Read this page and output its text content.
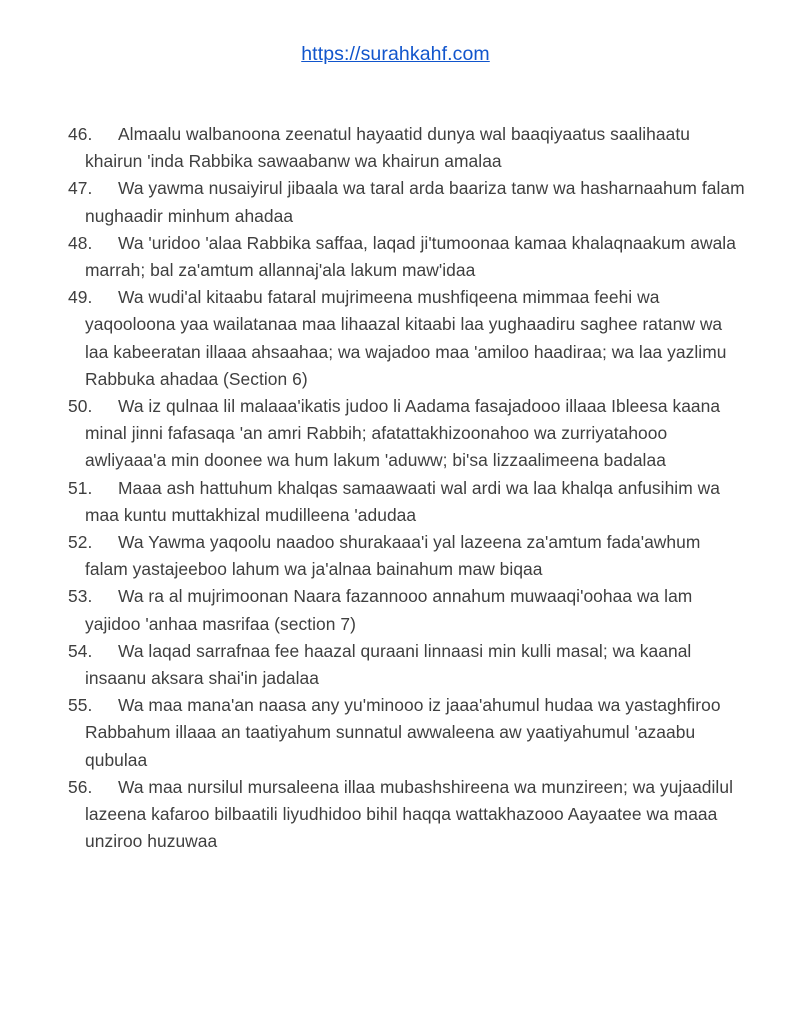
https://surahkahf.com
46.	Almaalu walbanoona zeenatul hayaatid dunya wal baaqiyaatus saalihaatu khairun 'inda Rabbika sawaabanw wa khairun amalaa
47.	Wa yawma nusaiyirul jibaala wa taral arda baariza tanw wa hasharnaahum falam nughaadir minhum ahadaa
48.	Wa 'uridoo 'alaa Rabbika saffaa, laqad ji'tumoonaa kamaa khalaqnaakum awala marrah; bal za'amtum allannaj'ala lakum maw'idaa
49.	Wa wudi'al kitaabu fataral mujrimeena mushfiqeena mimmaa feehi wa yaqooloona yaa wailatanaa maa lihaazal kitaabi laa yughaadiru saghee ratanw wa laa kabeeratan illaaa ahsaahaa; wa wajadoo maa 'amiloo haadiraa; wa laa yazlimu Rabbuka ahadaa (Section 6)
50.	Wa iz qulnaa lil malaaa'ikatis judoo li Aadama fasajadooo illaaa Ibleesa kaana minal jinni fafasaqa 'an amri Rabbih; afatattakhizoonahoo wa zurriyatahooo awliyaaa'a min doonee wa hum lakum 'aduww; bi'sa lizzaalimeena badalaa
51.	Maaa ash hattuhum khalqas samaawaati wal ardi wa laa khalqa anfusihim wa maa kuntu muttakhizal mudilleena 'adudaa
52.	Wa Yawma yaqoolu naadoo shurakaaa'i yal lazeena za'amtum fada'awhum falam yastajeeboo lahum wa ja'alnaa bainahum maw biqaa
53.	Wa ra al mujrimoonan Naara fazannooo annahum muwaaqi'oohaa wa lam yajidoo 'anhaa masrifaa (section 7)
54.	Wa laqad sarrafnaa fee haazal quraani linnaasi min kulli masal; wa kaanal insaanu aksara shai'in jadalaa
55.	Wa maa mana'an naasa any yu'minooo iz jaaa'ahumul hudaa wa yastaghfiroo Rabbahum illaaa an taatiyahum sunnatul awwaleena aw yaatiyahumul 'azaabu qubulaa
56.	Wa maa nursilul mursaleena illaa mubashshireena wa munzireen; wa yujaadilul lazeena kafaroo bilbaatili liyudhidoo bihil haqqa wattakhazooo Aayaatee wa maaa unziroo huzuwaa
